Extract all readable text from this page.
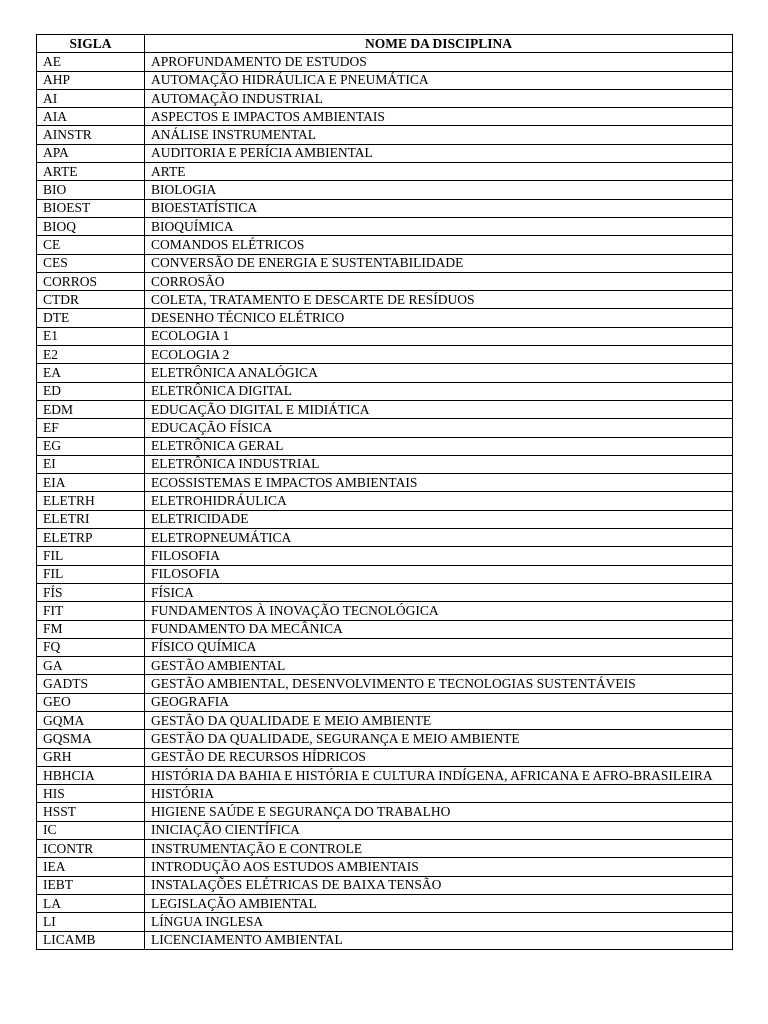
SIGLA	NOME DA DISCIPLINA
AE	APROFUNDAMENTO DE ESTUDOS
AHP	AUTOMAÇÃO HIDRÁULICA E PNEUMÁTICA
AI	AUTOMAÇÃO INDUSTRIAL
AIA	ASPECTOS E IMPACTOS AMBIENTAIS
AINSTR	ANÁLISE INSTRUMENTAL
APA	AUDITORIA E PERÍCIA AMBIENTAL
ARTE	ARTE
BIO	BIOLOGIA
BIOEST	BIOESTATÍSTICA
BIOQ	BIOQUÍMICA
CE	COMANDOS ELÉTRICOS
CES	CONVERSÃO DE ENERGIA E SUSTENTABILIDADE
CORROS	CORROSÃO
CTDR	COLETA, TRATAMENTO E DESCARTE DE RESÍDUOS
DTE	DESENHO TÉCNICO ELÉTRICO
E1	ECOLOGIA 1
E2	ECOLOGIA 2
EA	ELETRÔNICA ANALÓGICA
ED	ELETRÔNICA DIGITAL
EDM	EDUCAÇÃO DIGITAL E MIDIÁTICA
EF	EDUCAÇÃO FÍSICA
EG	ELETRÔNICA GERAL
EI	ELETRÔNICA INDUSTRIAL
EIA	ECOSSISTEMAS E IMPACTOS AMBIENTAIS
ELETRH	ELETROHIDRÁULICA
ELETRI	ELETRICIDADE
ELETRP	ELETROPNEUMÁTICA
FIL	FILOSOFIA
FIL	FILOSOFIA
FÍS	FÍSICA
FIT	FUNDAMENTOS À INOVAÇÃO TECNOLÓGICA
FM	FUNDAMENTO DA MECÂNICA
FQ	FÍSICO QUÍMICA
GA	GESTÃO AMBIENTAL
GADTS	GESTÃO AMBIENTAL, DESENVOLVIMENTO E TECNOLOGIAS SUSTENTÁVEIS
GEO	GEOGRAFIA
GQMA	GESTÃO DA QUALIDADE E MEIO AMBIENTE
GQSMA	GESTÃO DA QUALIDADE, SEGURANÇA E MEIO AMBIENTE
GRH	GESTÃO DE RECURSOS HÍDRICOS
HBHCIA	HISTÓRIA DA BAHIA E HISTÓRIA E CULTURA INDÍGENA, AFRICANA E AFRO-BRASILEIRA
HIS	HISTÓRIA
HSST	HIGIENE SAÚDE E SEGURANÇA DO TRABALHO
IC	INICIAÇÃO CIENTÍFICA
ICONTR	INSTRUMENTAÇÃO E CONTROLE
IEA	INTRODUÇÃO AOS ESTUDOS AMBIENTAIS
IEBT	INSTALAÇÕES ELÉTRICAS DE BAIXA TENSÃO
LA	LEGISLAÇÃO AMBIENTAL
LI	LÍNGUA INGLESA
LICAMB	LICENCIAMENTO AMBIENTAL
